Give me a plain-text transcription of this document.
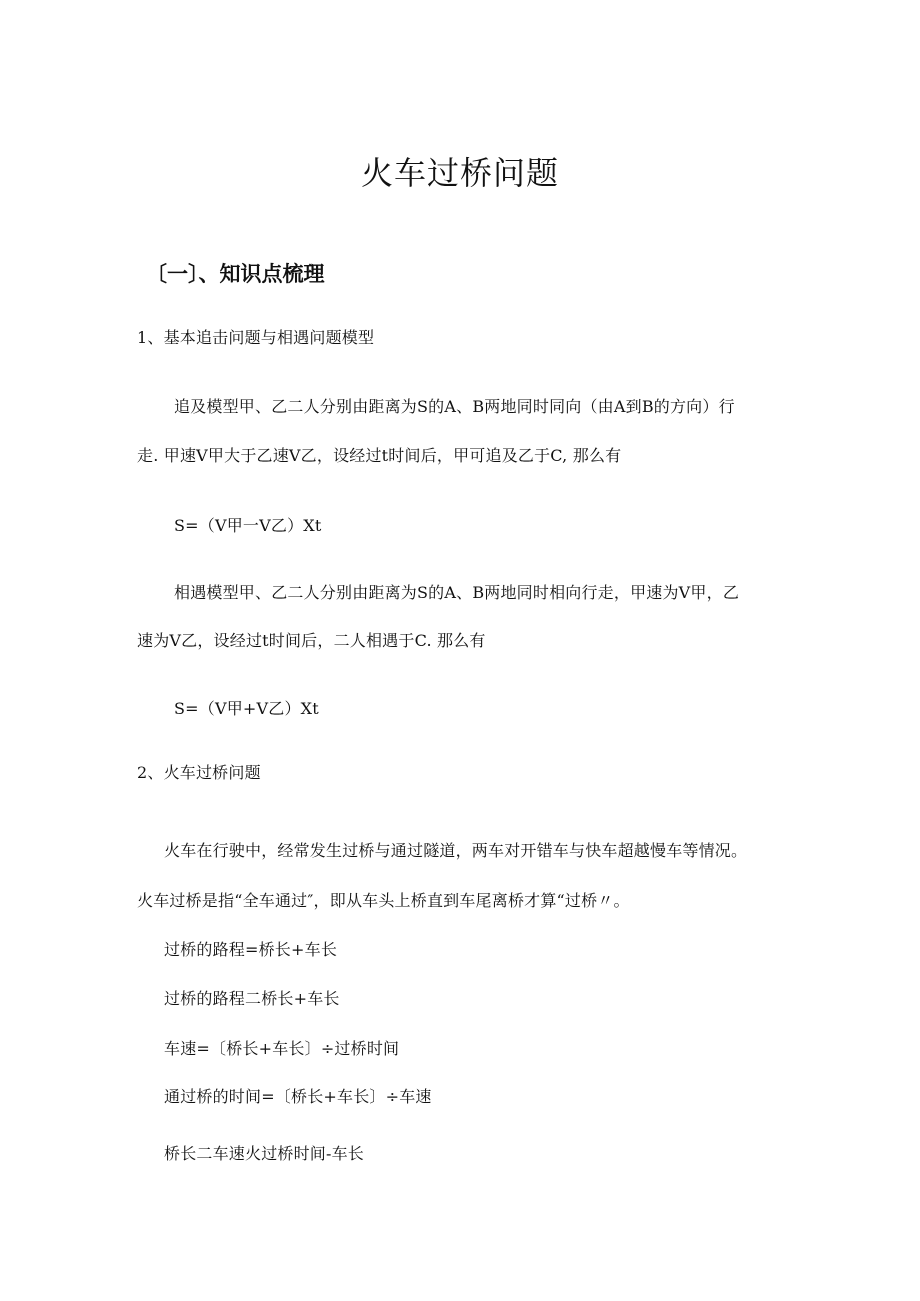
火车过桥问题
〔一〕、知识点梳理
1、基本追击问题与相遇问题模型
追及模型甲、乙二人分别由距离为S的A、B两地同时同向（由A到B的方向）行
走. 甲速V甲大于乙速V乙，设经过t时间后，甲可追及乙于C, 那么有
S=（V甲一V乙）Xt
相遇模型甲、乙二人分别由距离为S的A、B两地同时相向行走，甲速为V甲，乙
速为V乙，设经过t时间后，二人相遇于C. 那么有
S=（V甲+V乙）Xt
2、火车过桥问题
火车在行驶中，经常发生过桥与通过隧道，两车对开错车与快车超越慢车等情况。
火车过桥是指“全车通过″，即从车头上桥直到车尾离桥才算“过桥〃。
过桥的路程=桥长+车长
过桥的路程二桥长+车长
车速=〔桥长+车长〕÷过桥时间
通过桥的时间=〔桥长+车长〕÷车速
桥长二车速火过桥时间-车长
